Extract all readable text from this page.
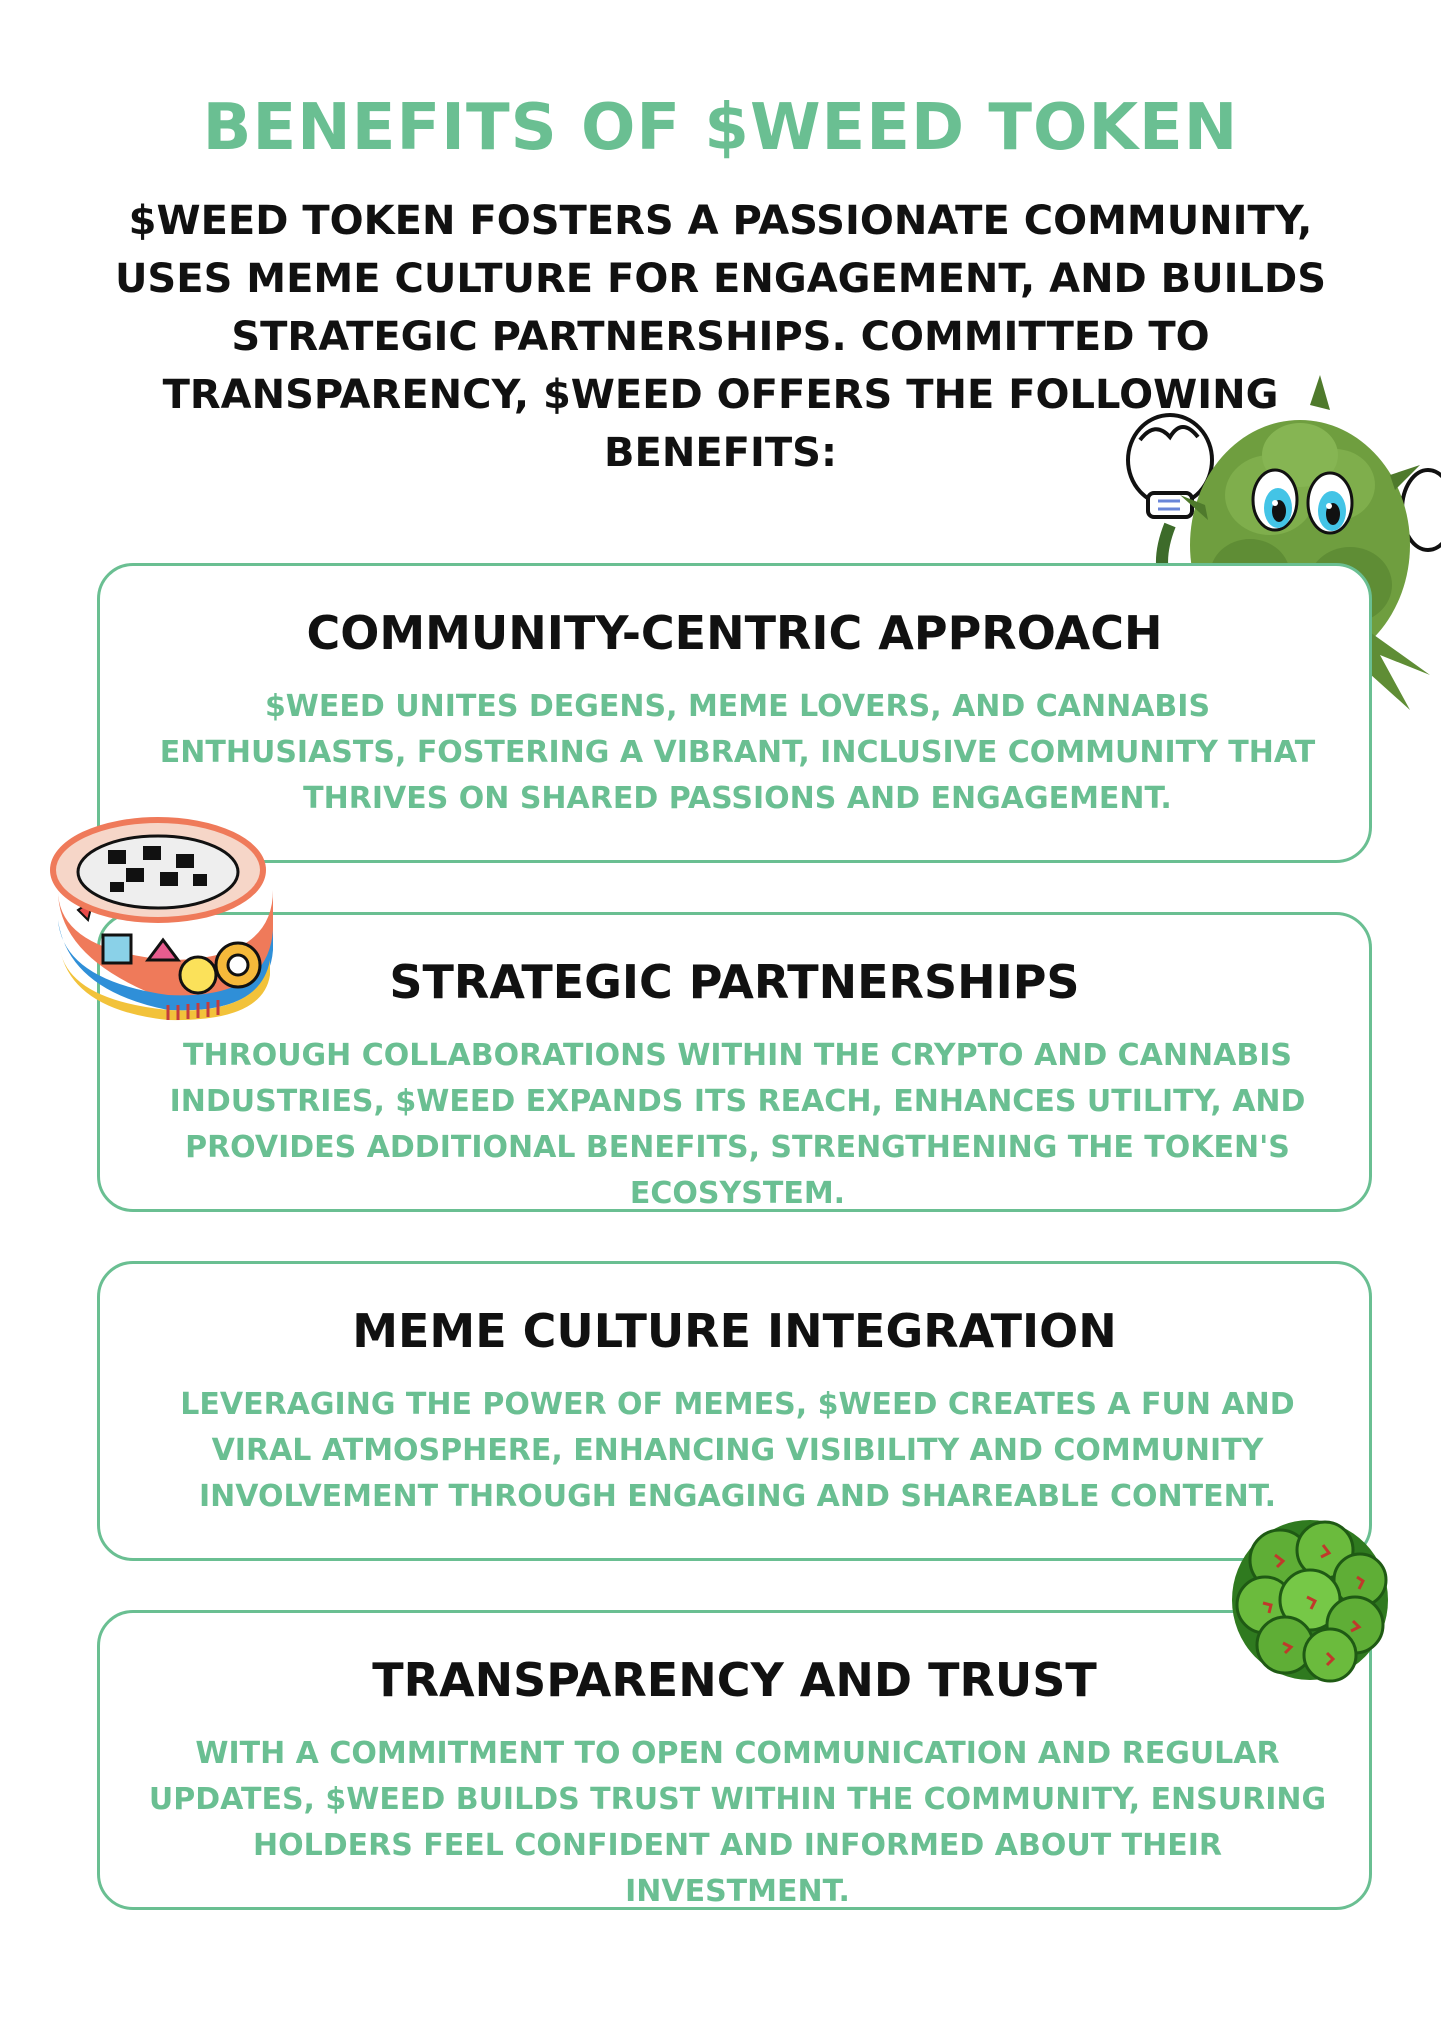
BENEFITS OF $WEED TOKEN

$WEED TOKEN FOSTERS A PASSIONATE COMMUNITY, USES MEME CULTURE FOR ENGAGEMENT, AND BUILDS STRATEGIC PARTNERSHIPS. COMMITTED TO TRANSPARENCY, $WEED OFFERS THE FOLLOWING BENEFITS:

COMMUNITY-CENTRIC APPROACH

$WEED UNITES DEGENS, MEME LOVERS, AND CANNABIS ENTHUSIASTS, FOSTERING A VIBRANT, INCLUSIVE COMMUNITY THAT THRIVES ON SHARED PASSIONS AND ENGAGEMENT.

STRATEGIC PARTNERSHIPS

THROUGH COLLABORATIONS WITHIN THE CRYPTO AND CANNABIS INDUSTRIES, $WEED EXPANDS ITS REACH, ENHANCES UTILITY, AND PROVIDES ADDITIONAL BENEFITS, STRENGTHENING THE TOKEN'S ECOSYSTEM.

MEME CULTURE INTEGRATION

LEVERAGING THE POWER OF MEMES, $WEED CREATES A FUN AND VIRAL ATMOSPHERE, ENHANCING VISIBILITY AND COMMUNITY INVOLVEMENT THROUGH ENGAGING AND SHAREABLE CONTENT.

TRANSPARENCY AND TRUST

WITH A COMMITMENT TO OPEN COMMUNICATION AND REGULAR UPDATES, $WEED BUILDS TRUST WITHIN THE COMMUNITY, ENSURING HOLDERS FEEL CONFIDENT AND INFORMED ABOUT THEIR INVESTMENT.
